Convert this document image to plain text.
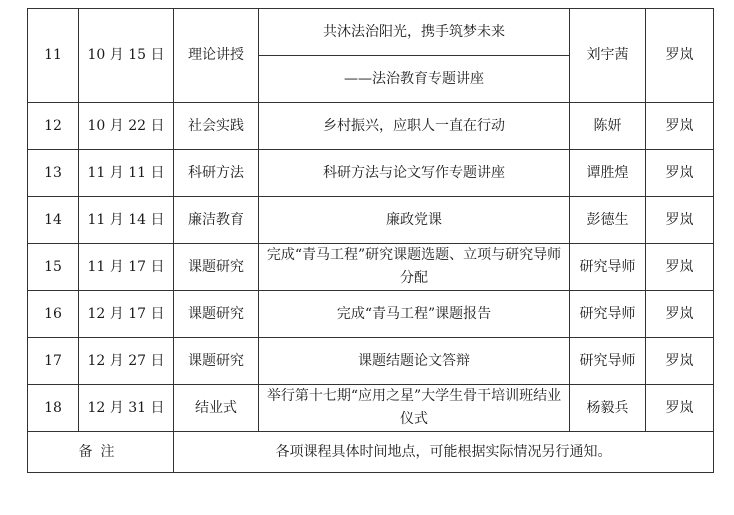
11	10 月 15 日	理论讲授	共沐法治阳光，携手筑梦未来	刘宇茜	罗岚
			——法治教育专题讲座		
12	10 月 22 日	社会实践	乡村振兴，应职人一直在行动	陈妍	罗岚
13	11 月 11 日	科研方法	科研方法与论文写作专题讲座	谭胜煌	罗岚
14	11 月 14 日	廉洁教育	廉政党课	彭德生	罗岚
15	11 月 17 日	课题研究	完成“青马工程”研究课题选题、立项与研究导师分配	研究导师	罗岚
16	12 月 17 日	课题研究	完成“青马工程”课题报告	研究导师	罗岚
17	12 月 27 日	课题研究	课题结题论文答辩	研究导师	罗岚
18	12 月 31 日	结业式	举行第十七期“应用之星”大学生骨干培训班结业仪式	杨毅兵	罗岚
备注		各项课程具体时间地点，可能根据实际情况另行通知。			
